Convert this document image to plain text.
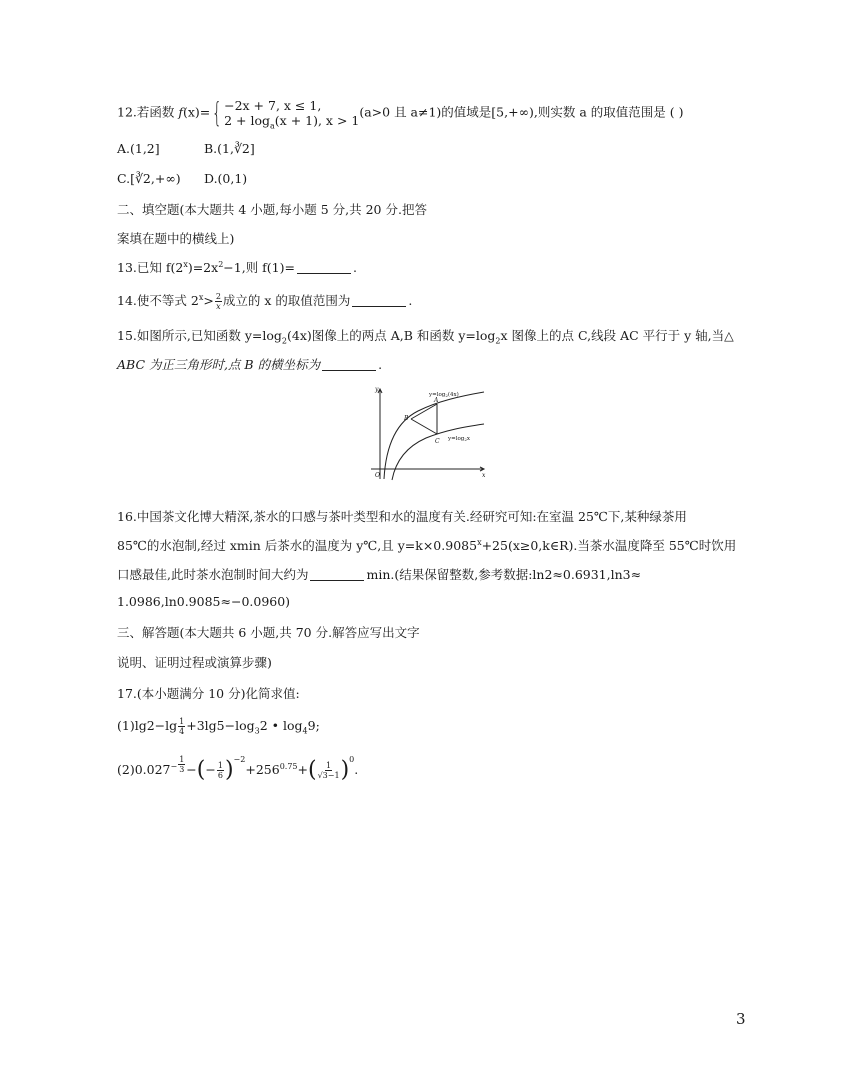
12.若函数 f(x)={ −2x + 7, x ≤ 1,
$2 + \log_a(x + 1)$, x > 1(a>0 且 a≠1)的值域是[5,+∞),则实数 a 的取值范围是 ( )
A.(1,2]	B.(1,∛2]
C.[∛2,+∞) D.(0,1)
二、填空题(本大题共 4 小题,每小题 5 分,共 20 分.把答
案填在题中的横线上)
13.已知 $f(2^x)=2x^2-1$,则 f(1)=	.
14.使不等式 $2^x> \frac{2}{x}$ 成立的 x 的取值范围为	.
15.如图所示,已知函数 $y=\log_2(4x)$图像上的两点 A,B 和函数 $y=\log_2x$ 图像上的点 C,线段 AC 平行于 y 轴,当△
ABC 为正三角形时,点 B 的横坐标为	.
y
x
O
A
B
C
y=log2(4x)
y=log2x
16.中国茶文化博大精深,茶水的口感与茶叶类型和水的温度有关.经研究可知:在室温 25℃下,某种绿茶用
85℃的水泡制,经过 xmin 后茶水的温度为 y℃,且 $y=k\times 0.9085^x+25(x\ge 0,k\in R)$.当茶水温度降至 55℃时饮用
口感最佳,此时茶水泡制时间大约为	min.(结果保留整数,参考数据:ln2≈0.6931,ln3≈
1.0986,ln0.9085≈−0.0960)
三、解答题(本大题共 6 小题,共 70 分.解答应写出文字
说明、证明过程或演算步骤)
17.(本小题满分 10 分)化简求值:
$(1)\lg 2-\lg \frac{1}{4} +3\lg 5-\log_32$ • $\log_49$;
$(2)0.027^{- \frac{1}{3}}$ −(− $\frac{1}{6} )^{-2}+256^{0.75}+( \frac{1}{√3-1} )^0$.
3
